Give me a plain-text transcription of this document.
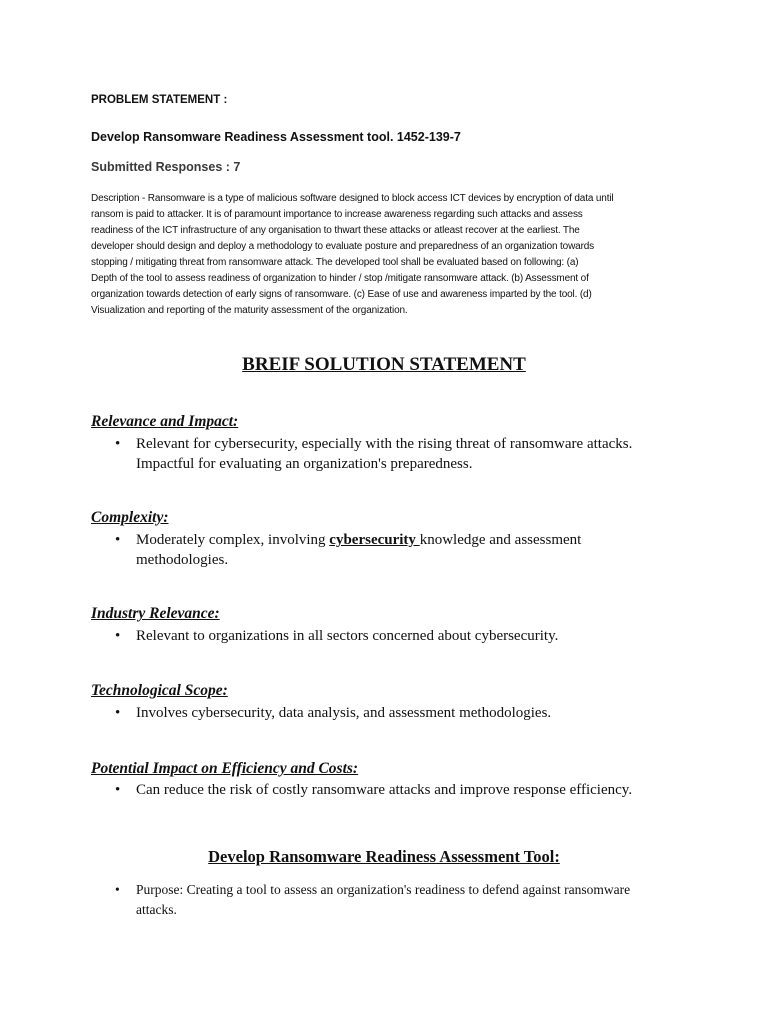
PROBLEM STATEMENT :
Develop Ransomware Readiness Assessment tool. 1452-139-7
Submitted Responses : 7
Description - Ransomware is a type of malicious software designed to block access ICT devices by encryption of data until
ransom is paid to attacker. It is of paramount importance to increase awareness regarding such attacks and assess
readiness of the ICT infrastructure of any organisation to thwart these attacks or atleast recover at the earliest. The
developer should design and deploy a methodology to evaluate posture and preparedness of an organization towards
stopping / mitigating threat from ransomware attack. The developed tool shall be evaluated based on following: (a)
Depth of the tool to assess readiness of organization to hinder / stop /mitigate ransomware attack. (b) Assessment of
organization towards detection of early signs of ransomware. (c) Ease of use and awareness imparted by the tool. (d)
Visualization and reporting of the maturity assessment of the organization.
BREIF SOLUTION STATEMENT
Relevance and Impact:
• Relevant for cybersecurity, especially with the rising threat of ransomware attacks. Impactful for evaluating an organization's preparedness.
Complexity:
• Moderately complex, involving cybersecurity knowledge and assessment methodologies.
Industry Relevance:
• Relevant to organizations in all sectors concerned about cybersecurity.
Technological Scope:
• Involves cybersecurity, data analysis, and assessment methodologies.
Potential Impact on Efficiency and Costs:
• Can reduce the risk of costly ransomware attacks and improve response efficiency.
Develop Ransomware Readiness Assessment Tool:
• Purpose: Creating a tool to assess an organization's readiness to defend against ransomware attacks.
